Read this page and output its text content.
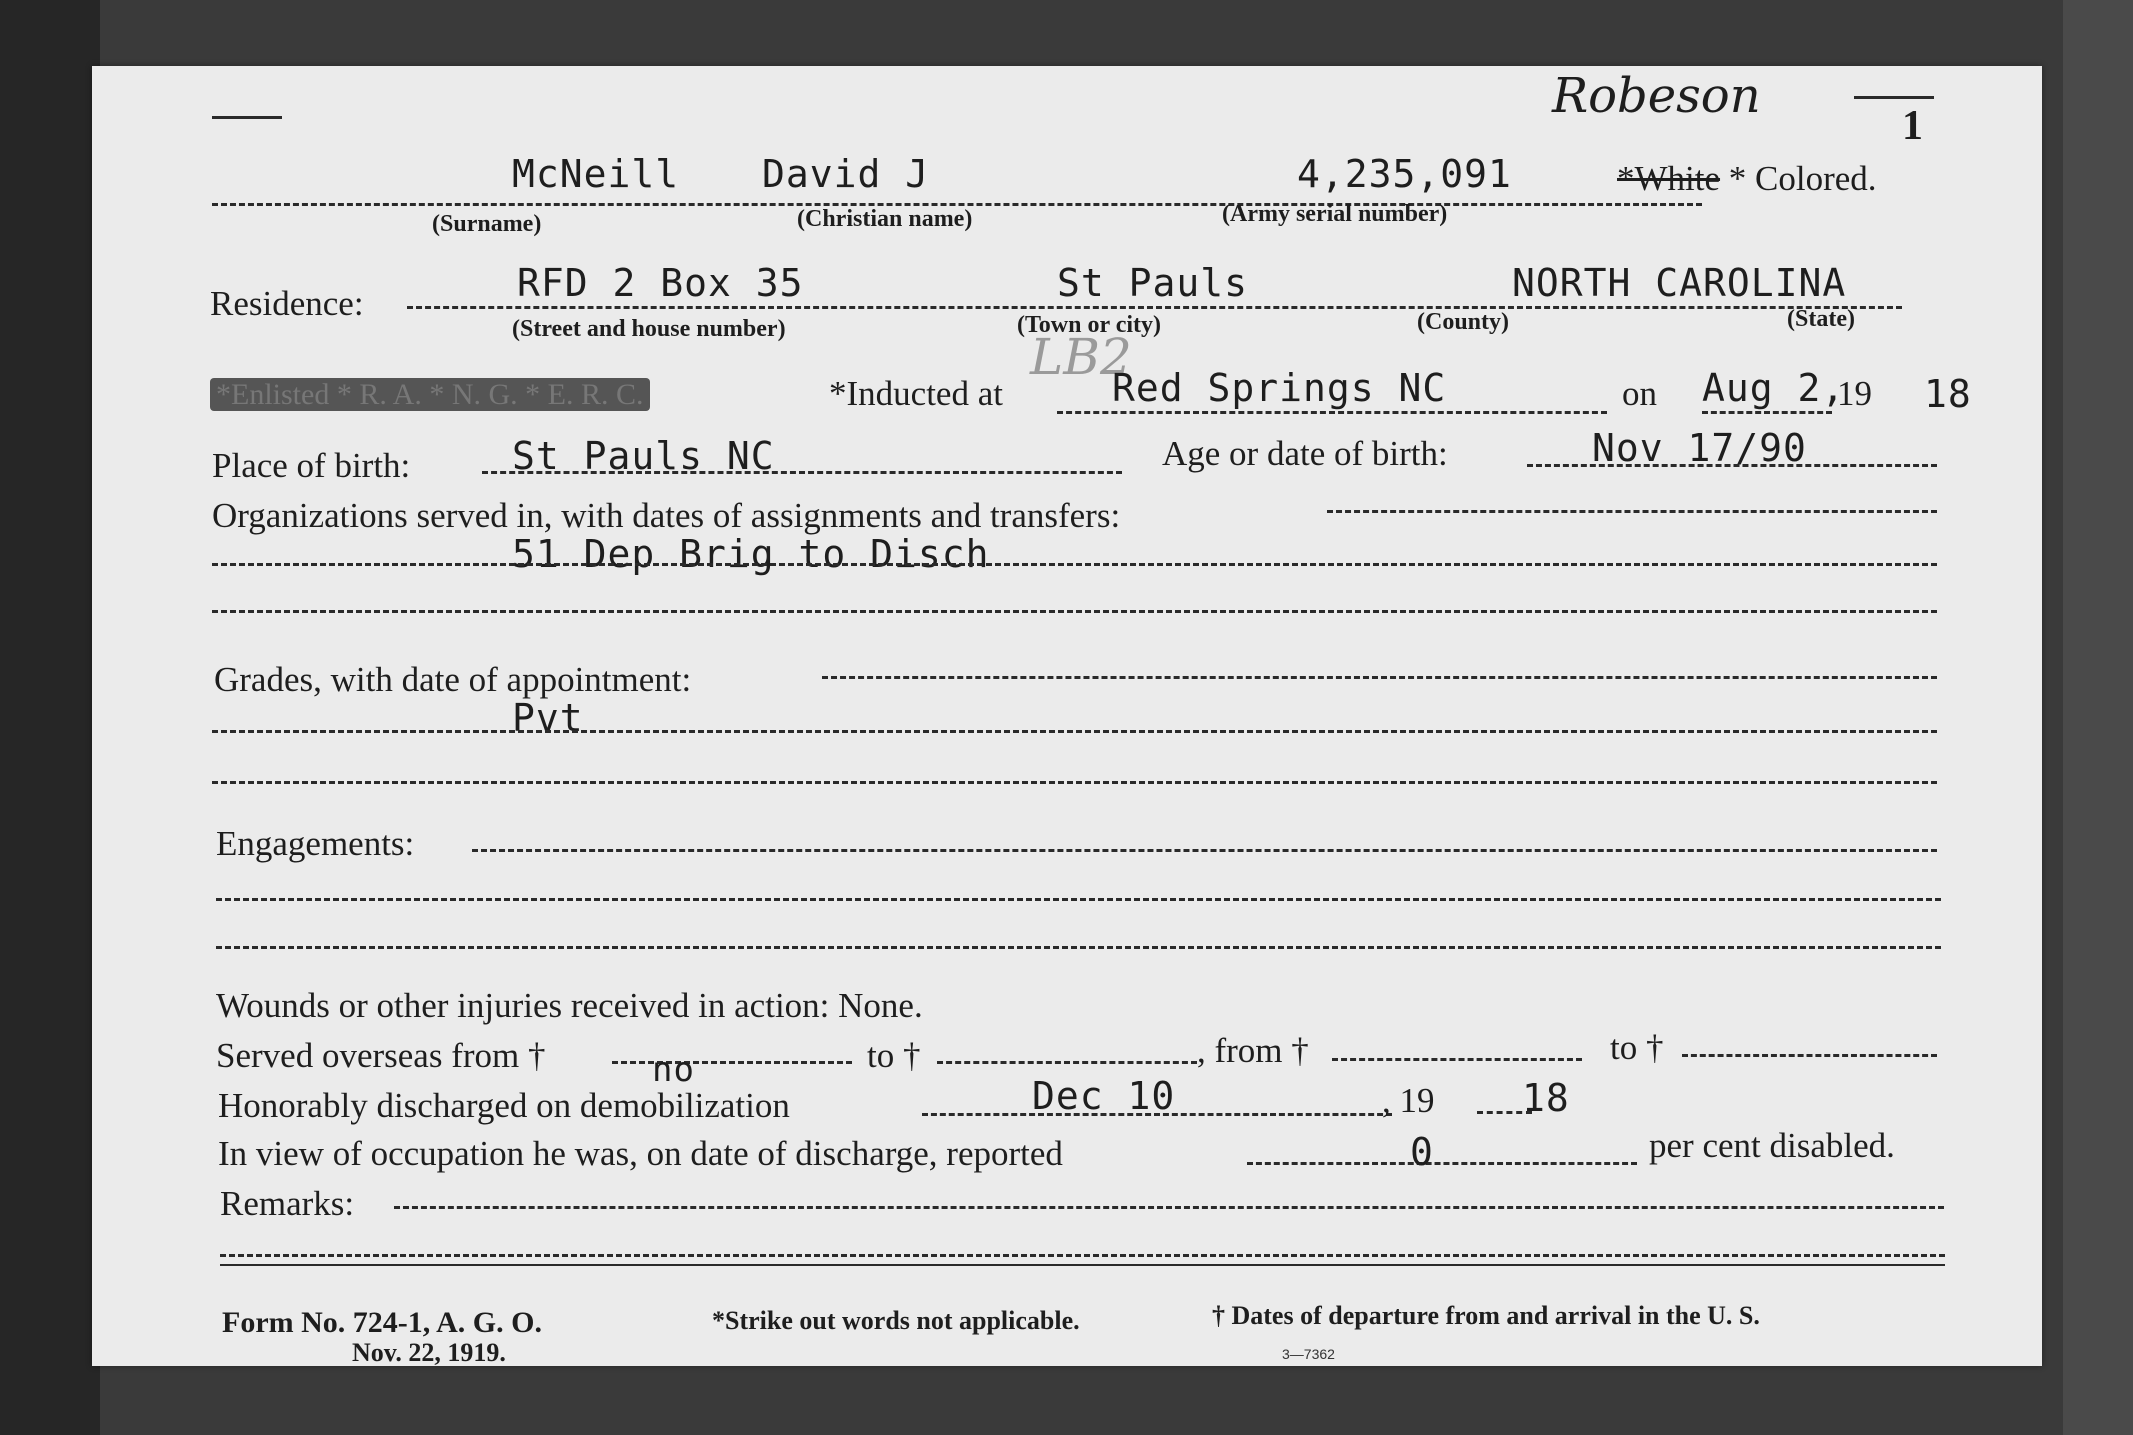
Robeson
1
McNeill David J	4,235,091	*White * Colored.
(Surname)	(Christian name)	(Army serial number)
Residence:	RFD 2 Box 35	St Pauls	NORTH CAROLINA
(Street and house number)	(Town or city)	(County)	(State)
LB2
*Enlisted * R. A. * N. G. * E. R. C.	*Inducted at	Red Springs NC	on Aug 2,
19 18
Place of birth:	St Pauls NC	Age or date of birth:	Nov 17/90
Organizations served in, with dates of assignments and transfers:
51 Dep Brig to Disch
Grades, with date of appointment:
Pvt
Engagements:
Wounds or other injuries received in action: None.
Served overseas from †	no	to †	, from †	to †
Honorably discharged on demobilization	Dec 10	, 19 18
In view of occupation he was, on date of discharge, reported	0	per cent disabled.
Remarks:
Form No. 724-1, A. G. O.
Nov. 22, 1919.
*Strike out words not applicable.	† Dates of departure from and arrival in the U. S.
3—7362
